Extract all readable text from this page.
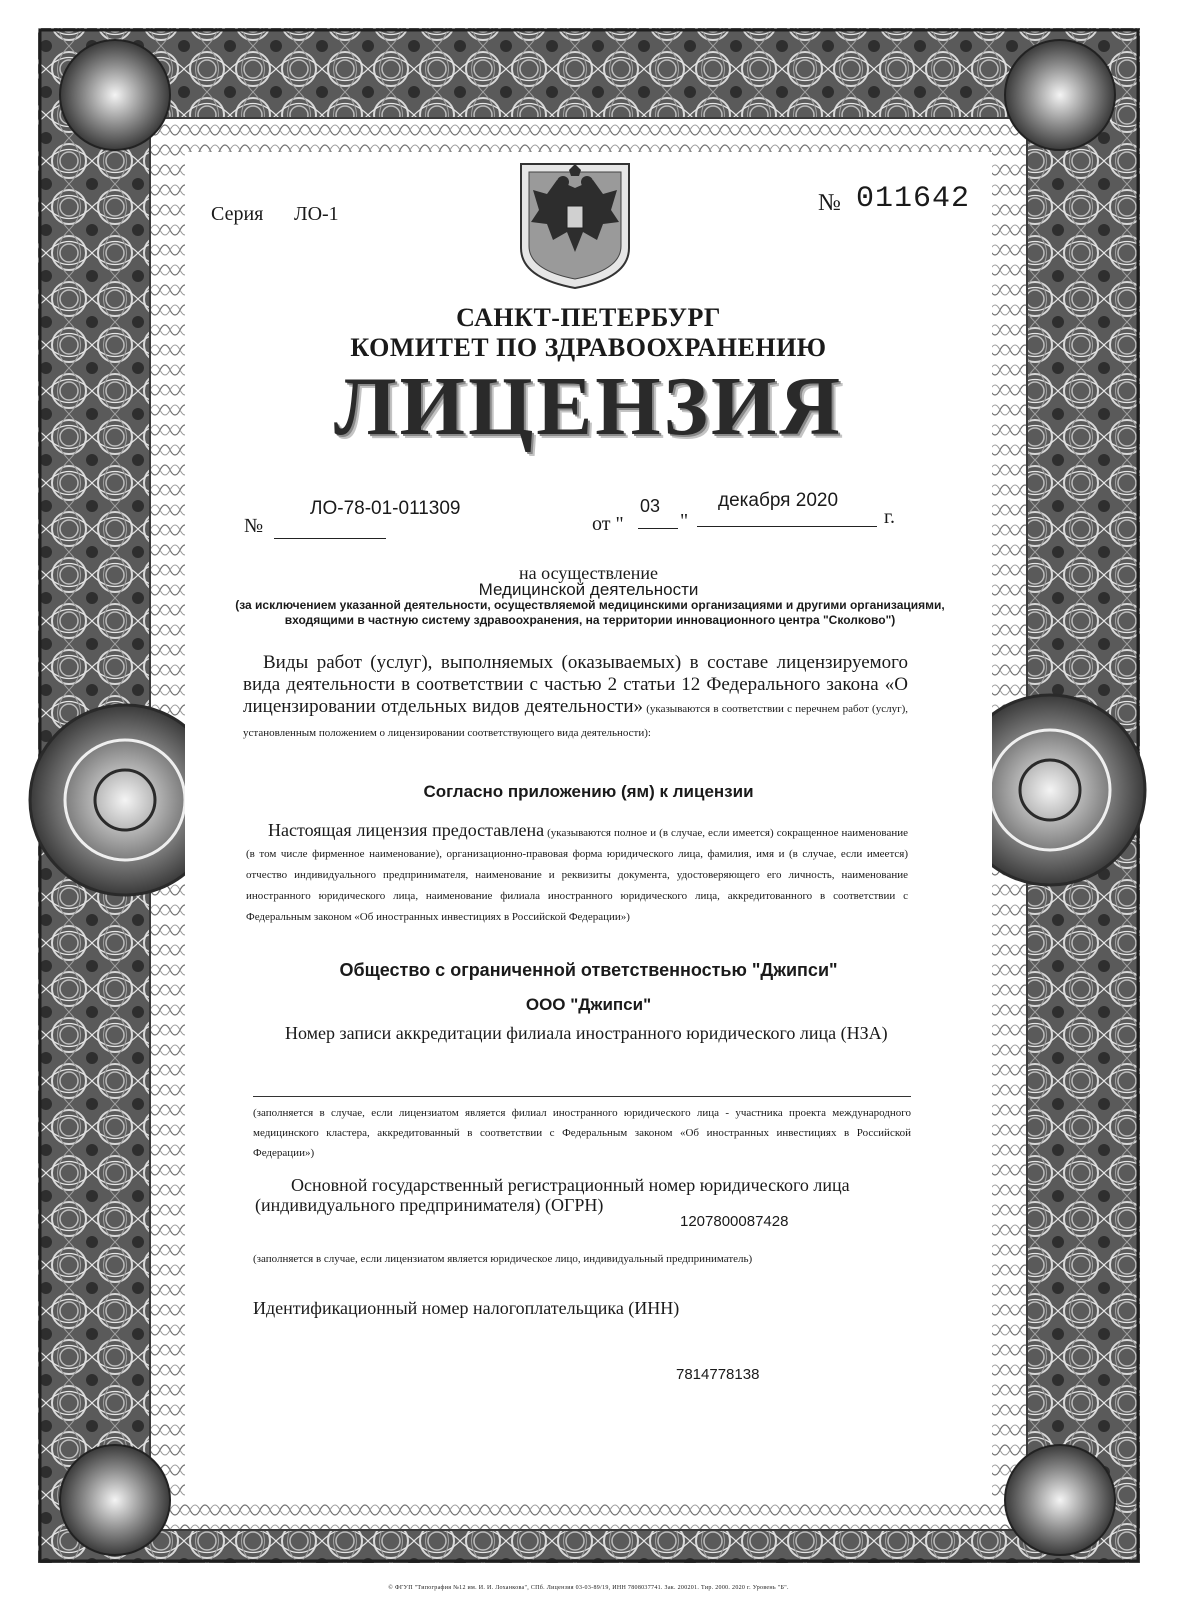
Серия ЛО-1	№ 011642

САНКТ-ПЕТЕРБУРГ

КОМИТЕТ ПО ЗДРАВООХРАНЕНИЮ

ЛИЦЕНЗИЯ

№

ЛО-78-01-011309

от "

03

"

декабря 2020

г.

на осуществление

Медицинской деятельности

(за исключением указанной деятельности, осуществляемой медицинскими организациями и другими организациями, входящими в частную систему здравоохранения, на территории инновационного центра "Сколково")

Виды работ (услуг), выполняемых (оказываемых) в составе лицензируемого вида деятельности в соответствии с частью 2 статьи 12 Федерального закона «О лицензировании отдельных видов деятельности» (указываются в соответствии с перечнем работ (услуг), установленным положением о лицензировании соответствующего вида деятельности):

Согласно приложению (ям) к лицензии

Настоящая лицензия предоставлена (указываются полное и (в случае, если имеется) сокращенное наименование (в том числе фирменное наименование), организационно-правовая форма юридического лица, фамилия, имя и (в случае, если имеется) отчество индивидуального предпринимателя, наименование и реквизиты документа, удостоверяющего его личность, наименование иностранного юридического лица, наименование филиала иностранного юридического лица, аккредитованного в соответствии с Федеральным законом «Об иностранных инвестициях в Российской Федерации»)

Общество с ограниченной ответственностью "Джипси"

ООО "Джипси"

Номер записи аккредитации филиала иностранного юридического лица (НЗА)

(заполняется в случае, если лицензиатом является филиал иностранного юридического лица - участника проекта международного медицинского кластера, аккредитованный в соответствии с Федеральным законом «Об иностранных инвестициях в Российской Федерации»)

Основной государственный регистрационный номер юридического лица (индивидуального предпринимателя) (ОГРН)

1207800087428

(заполняется в случае, если лицензиатом является юридическое лицо, индивидуальный предприниматель)

Идентификационный номер налогоплательщика (ИНН)

7814778138

© ФГУП "Типография №12 им. И. И. Лоханкова", СПб. Лицензия 03-03-89/19, ИНН 7808037741. Зак. 200201. Тир. 2000. 2020 г. Уровень "Б".
